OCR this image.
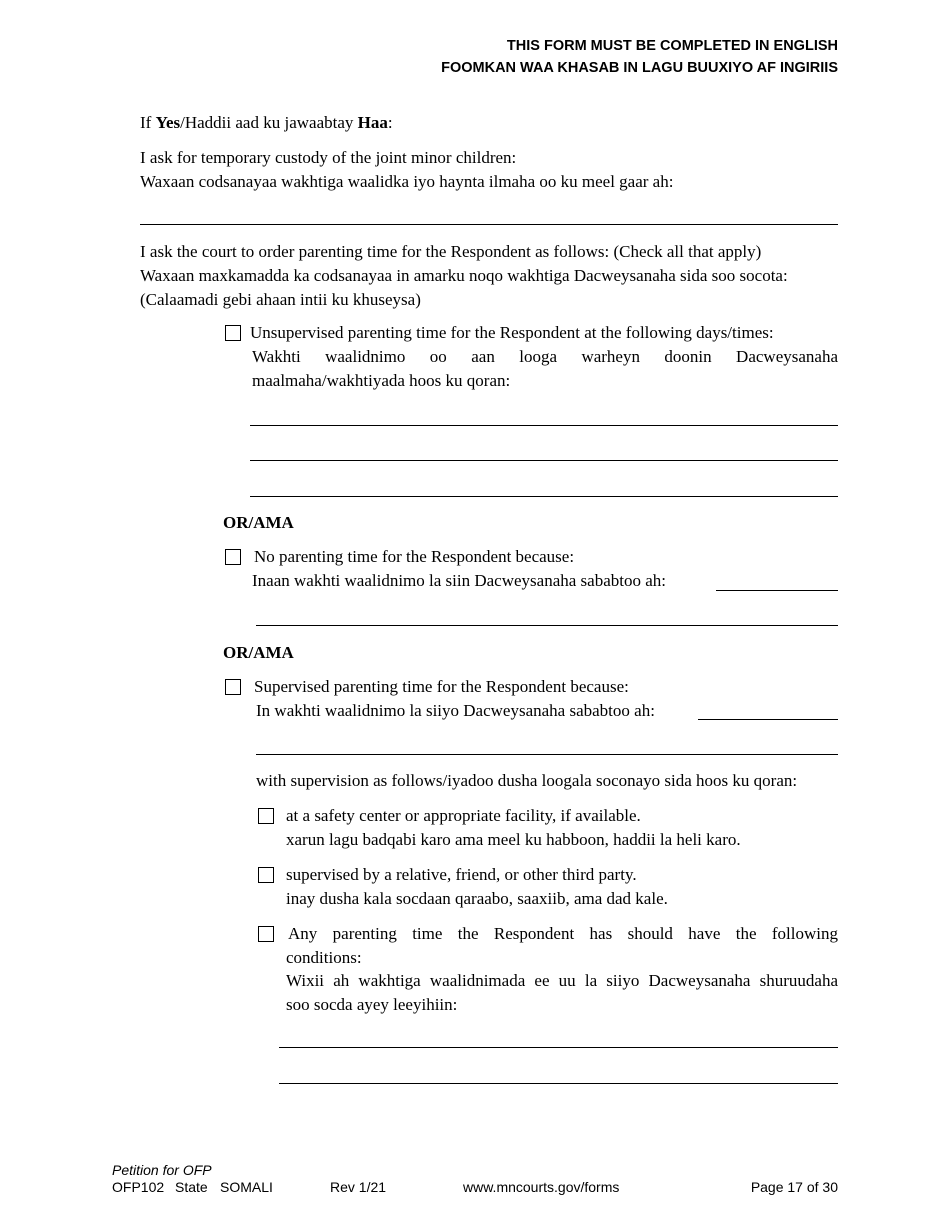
THIS FORM MUST BE COMPLETED IN ENGLISH
FOOMKAN WAA KHASAB IN LAGU BUUXIYO AF INGIRIIS
If Yes/Haddii aad ku jawaabtay Haa:
I ask for temporary custody of the joint minor children:
Waxaan codsanayaa wakhtiga waalidka iyo haynta ilmaha oo ku meel gaar ah:
I ask the court to order parenting time for the Respondent as follows: (Check all that apply)
Waxaan maxkamadda ka codsanayaa in amarku noqo wakhtiga Dacweysanaha sida soo socota:
(Calaamadi gebi ahaan intii ku khuseysa)
Unsupervised parenting time for the Respondent at the following days/times:
Wakhti waalidnimo oo aan looga warheyn doonin Dacweysanaha
maalmaha/wakhtiyada hoos ku qoran:
OR/AMA
No parenting time for the Respondent because:
Inaan wakhti waalidnimo la siin Dacweysanaha sababtoo ah:
OR/AMA
Supervised parenting time for the Respondent because:
In wakhti waalidnimo la siiyo Dacweysanaha sababtoo ah:
with supervision as follows/iyadoo dusha loogala soconayo sida hoos ku qoran:
at a safety center or appropriate facility, if available.
xarun lagu badqabi karo ama meel ku habboon, haddii la heli karo.
supervised by a relative, friend, or other third party.
inay dusha kala socdaan qaraabo, saaxiib, ama dad kale.
Any parenting time the Respondent has should have the following
conditions:
Wixii ah wakhtiga waalidnimada ee uu la siiyo Dacweysanaha shuruudaha
soo socda ayey leeyihiin:
Petition for OFP
OFP102 State SOMALI	Rev 1/21	www.mncourts.gov/forms	Page 17 of 30
